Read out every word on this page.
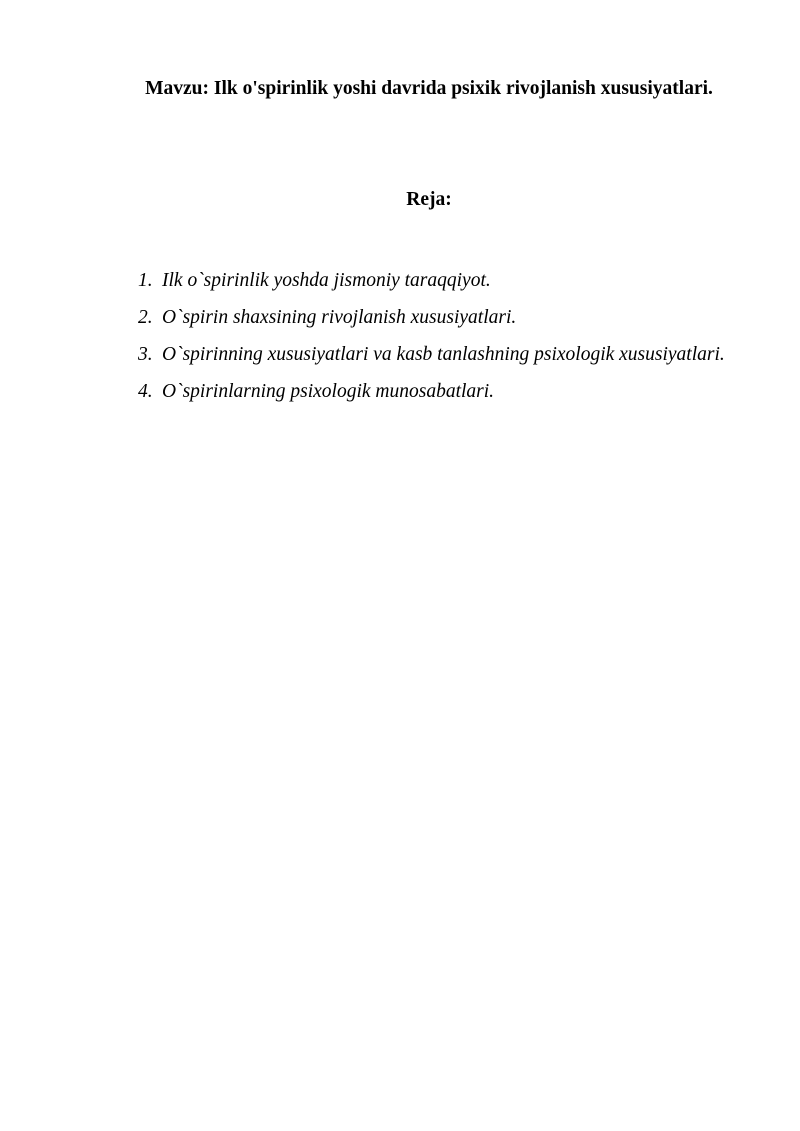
Mavzu: Ilk o'spirinlik yoshi davrida psixik rivojlanish xususiyatlari.
Reja:
1. Ilk o`spirinlik yoshda jismoniy taraqqiyot.
2. O`spirin shaxsining rivojlanish xususiyatlari.
3. O`spirinning xususiyatlari va kasb tanlashning psixologik xususiyatlari.
4. O`spirinlarning psixologik munosabatlari.
